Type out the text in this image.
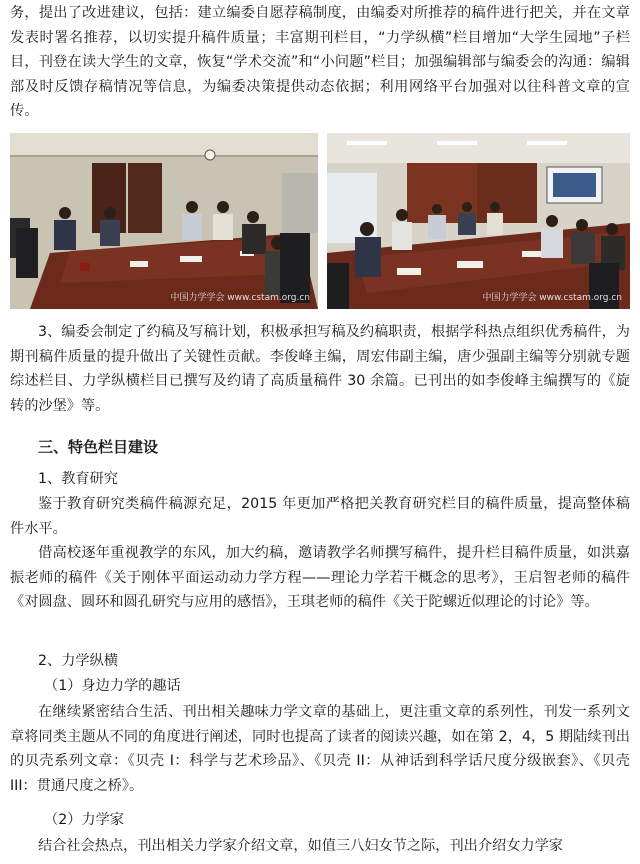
务，提出了改进建议，包括：建立编委自愿荐稿制度，由编委对所推荐的稿件进行把关，并在文章发表时署名推荐，以切实提升稿件质量；丰富期刊栏目，“力学纵横”栏目增加“大学生园地”子栏目，刊登在读大学生的文章，恢复“学术交流”和“小问题”栏目；加强编辑部与编委会的沟通：编辑部及时反馈存稿情况等信息，为编委决策提供动态依据；利用网络平台加强对以往科普文章的宣传。

中国力学学会 www.cstam.org.cn	中国力学学会 www.cstam.org.cn

3、编委会制定了约稿及写稿计划，积极承担写稿及约稿职责，根据学科热点组织优秀稿件，为期刊稿件质量的提升做出了关键性贡献。李俊峰主编，周宏伟副主编，唐少强副主编等分别就专题综述栏目、力学纵横栏目已撰写及约请了高质量稿件 30 余篇。已刊出的如李俊峰主编撰写的《旋转的沙堡》等。

三、特色栏目建设

1、教育研究

鉴于教育研究类稿件稿源充足，2015 年更加严格把关教育研究栏目的稿件质量，提高整体稿件水平。

借高校逐年重视教学的东风，加大约稿，邀请教学名师撰写稿件，提升栏目稿件质量，如洪嘉振老师的稿件《关于刚体平面运动动力学方程——理论力学若干概念的思考》，王启智老师的稿件《对圆盘、圆环和圆孔研究与应用的感悟》，王琪老师的稿件《关于陀螺近似理论的讨论》等。

2、力学纵横

（1）身边力学的趣话

在继续紧密结合生活、刊出相关趣味力学文章的基础上，更注重文章的系列性，刊发一系列文章将同类主题从不同的角度进行阐述，同时也提高了读者的阅读兴趣，如在第 2，4，5 期陆续刊出的贝壳系列文章：《贝壳 I：科学与艺术珍品》、《贝壳 II：从神话到科学话尺度分级嵌套》、《贝壳 III：贯通尺度之桥》。

（2）力学家

结合社会热点，刊出相关力学家介绍文章，如值三八妇女节之际，刊出介绍女力学家
